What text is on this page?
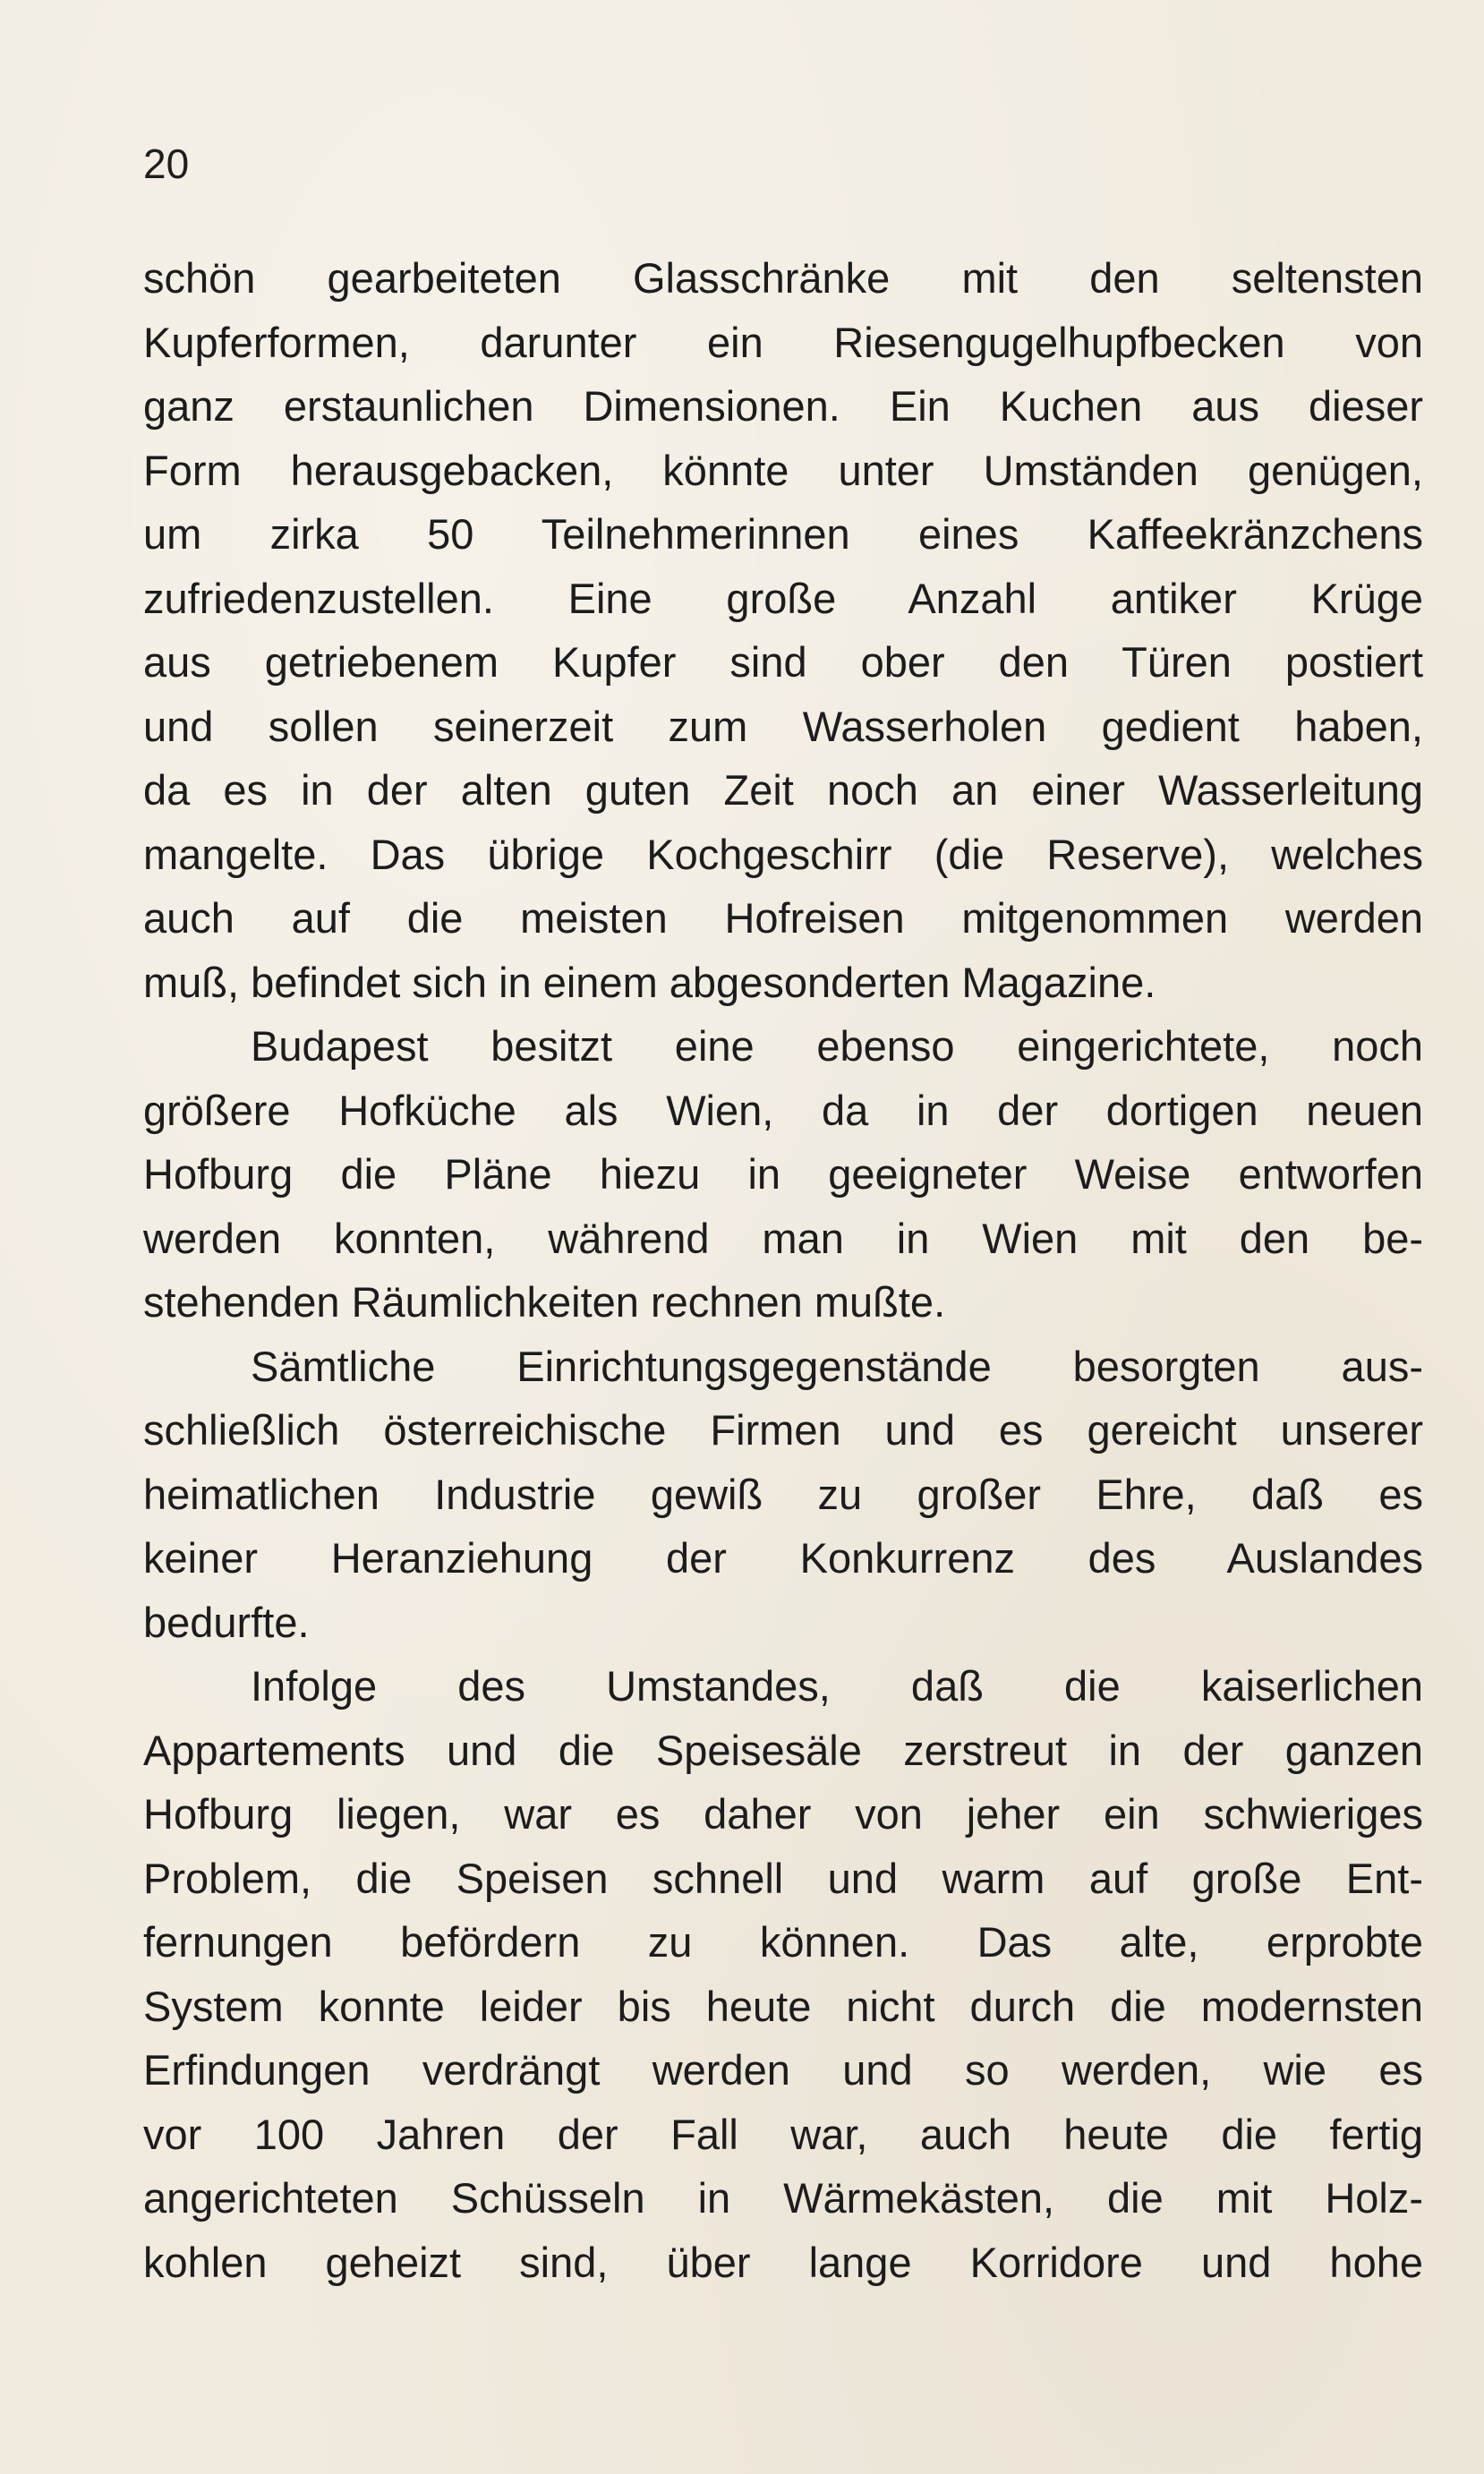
20
schön gearbeiteten Glasschränke mit den seltensten
Kupferformen, darunter ein Riesengugelhupfbecken von
ganz erstaunlichen Dimensionen. Ein Kuchen aus dieser
Form herausgebacken, könnte unter Umständen genügen,
um zirka 50 Teilnehmerinnen eines Kaffeekränzchens
zufriedenzustellen. Eine große Anzahl antiker Krüge
aus getriebenem Kupfer sind ober den Türen postiert
und sollen seinerzeit zum Wasserholen gedient haben,
da es in der alten guten Zeit noch an einer Wasserleitung
mangelte. Das übrige Kochgeschirr (die Reserve), welches
auch auf die meisten Hofreisen mitgenommen werden
muß, befindet sich in einem abgesonderten Magazine.
Budapest besitzt eine ebenso eingerichtete, noch
größere Hofküche als Wien, da in der dortigen neuen
Hofburg die Pläne hiezu in geeigneter Weise entworfen
werden konnten, während man in Wien mit den be-
stehenden Räumlichkeiten rechnen mußte.
Sämtliche Einrichtungsgegenstände besorgten aus-
schließlich österreichische Firmen und es gereicht unserer
heimatlichen Industrie gewiß zu großer Ehre, daß es
keiner Heranziehung der Konkurrenz des Auslandes
bedurfte.
Infolge des Umstandes, daß die kaiserlichen
Appartements und die Speisesäle zerstreut in der ganzen
Hofburg liegen, war es daher von jeher ein schwieriges
Problem, die Speisen schnell und warm auf große Ent-
fernungen befördern zu können. Das alte, erprobte
System konnte leider bis heute nicht durch die modernsten
Erfindungen verdrängt werden und so werden, wie es
vor 100 Jahren der Fall war, auch heute die fertig
angerichteten Schüsseln in Wärmekästen, die mit Holz-
kohlen geheizt sind, über lange Korridore und hohe
